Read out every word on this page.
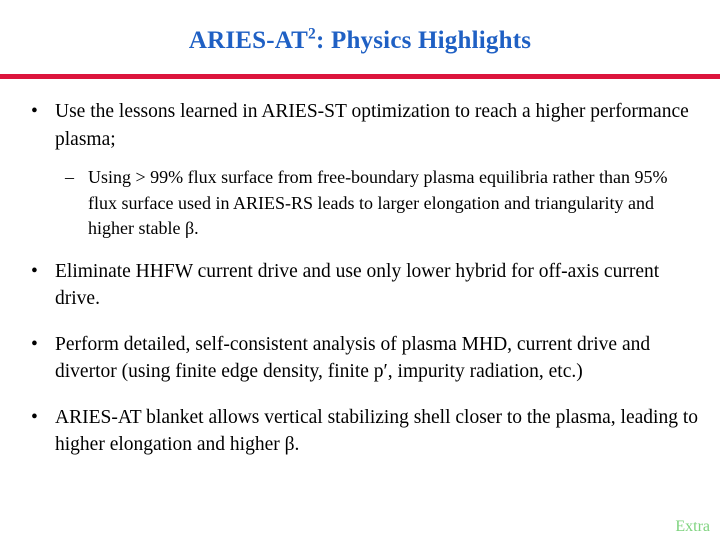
ARIES-$AT^2$: Physics Highlights
• Use the lessons learned in ARIES-ST optimization to reach a higher performance plasma;
– Using > 99% flux surface from free-boundary plasma equilibria rather than 95% flux surface used in ARIES-RS leads to larger elongation and triangularity and higher stable β.
• Eliminate HHFW current drive and use only lower hybrid for off-axis current drive.
• Perform detailed, self-consistent analysis of plasma MHD, current drive and divertor (using finite edge density, finite p′, impurity radiation, etc.)
• ARIES-AT blanket allows vertical stabilizing shell closer to the plasma, leading to higher elongation and higher β.
Extra
